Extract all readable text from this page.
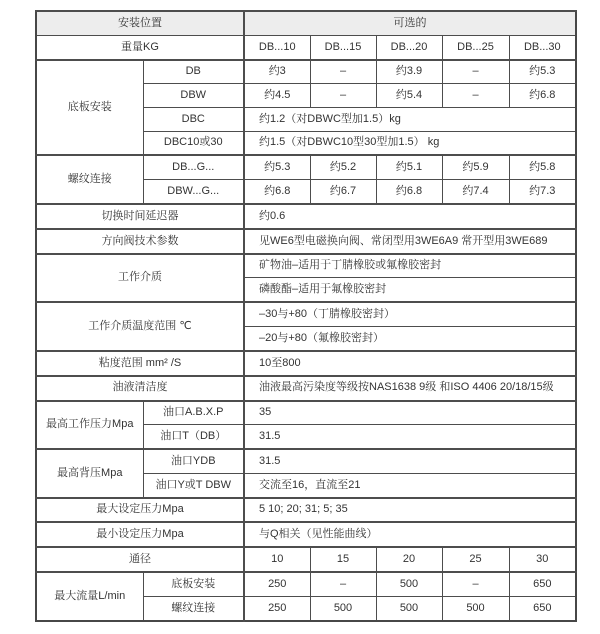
安装位置		可选的				
重量KG		DB...10	DB...15	DB...20	DB...25	DB...30
底板安装	DB	约3	–	约3.9	–	约5.3
	DBW	约4.5	–	约5.4	–	约6.8
	DBC	约1.2（对DBWC型加1.5）kg				
	DBC10或30	约1.5（对DBWC10型30型加1.5） kg				
螺纹连接	DB...G...	约5.3	约5.2	约5.1	约5.9	约5.8
	DBW...G...	约6.8	约6.7	约6.8	约7.4	约7.3
切换时间延迟器		约0.6				
方向阀技术参数		见WE6型电磁换向阀、常闭型用3WE6A9 常开型用3WE689				
工作介质		矿物油–适用于丁腈橡胶或氟橡胶密封				
		磷酸酯–适用于氟橡胶密封				
工作介质温度范围 ℃		–30与+80（丁腈橡胶密封）				
		–20与+80（氟橡胶密封）				
粘度范围 mm² /S		10至800				
油液清洁度		油液最高污染度等级按NAS1638 9级 和ISO 4406 20/18/15级				
最高工作压力Mpa	油口A.B.X.P	35				
	油口T（DB）	31.5				
最高背压Mpa	油口YDB	31.5				
	油口Y或T DBW	交流至16，直流至21				
最大设定压力Mpa		5 10; 20; 31; 5; 35				
最小设定压力Mpa		与Q相关（见性能曲线）				
通径		10	15	20	25	30
最大流量L/min	底板安装	250	–	500	–	650
	螺纹连接	250	500	500	500	650
